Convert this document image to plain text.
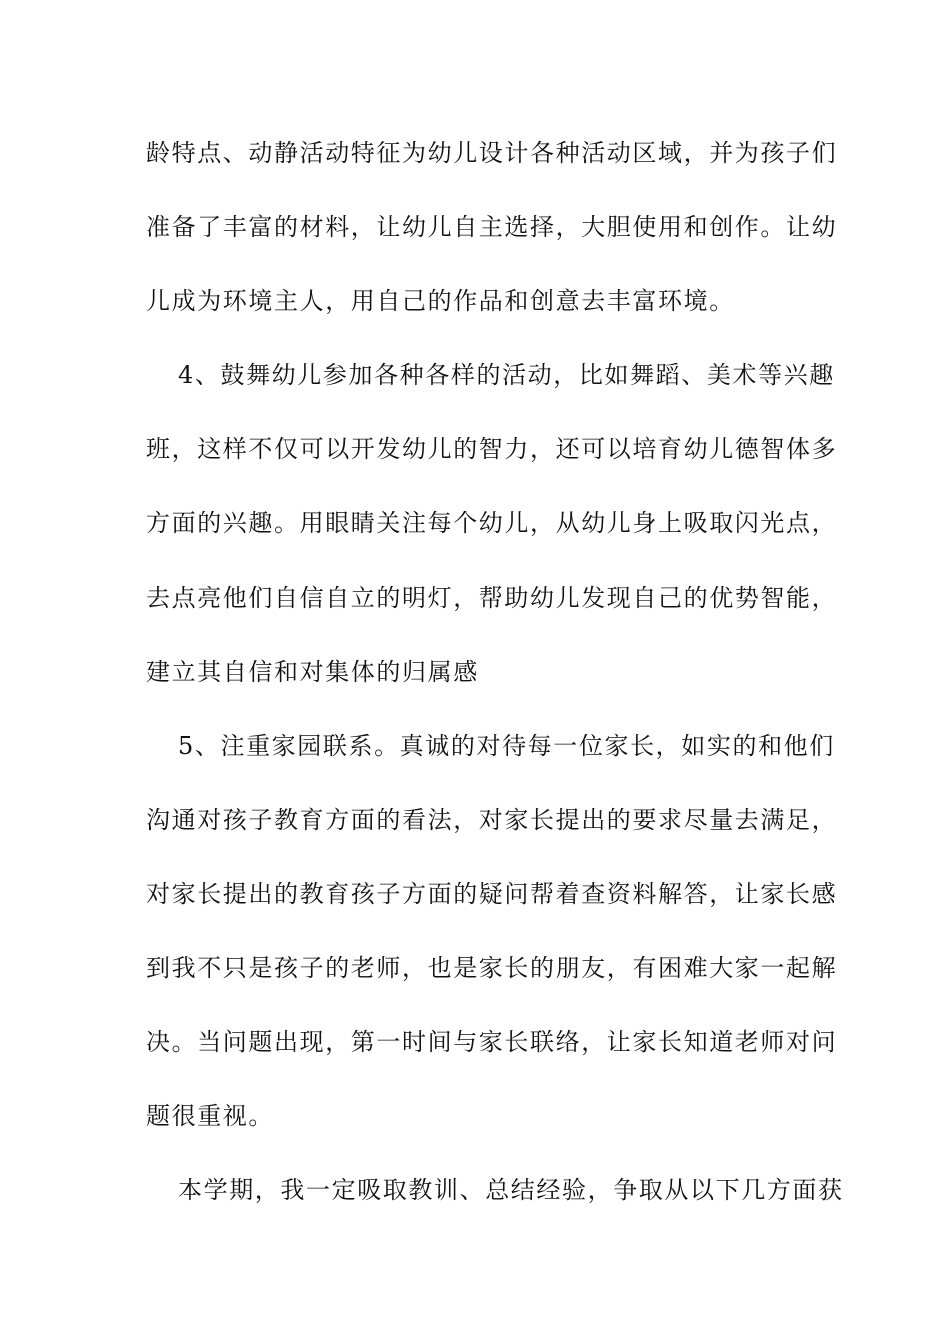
龄特点、动静活动特征为幼儿设计各种活动区域，并为孩子们
准备了丰富的材料，让幼儿自主选择，大胆使用和创作。让幼
儿成为环境主人，用自己的作品和创意去丰富环境。
4、鼓舞幼儿参加各种各样的活动，比如舞蹈、美术等兴趣
班，这样不仅可以开发幼儿的智力，还可以培育幼儿德智体多
方面的兴趣。用眼睛关注每个幼儿，从幼儿身上吸取闪光点，
去点亮他们自信自立的明灯，帮助幼儿发现自己的优势智能，
建立其自信和对集体的归属感
5、注重家园联系。真诚的对待每一位家长，如实的和他们
沟通对孩子教育方面的看法，对家长提出的要求尽量去满足，
对家长提出的教育孩子方面的疑问帮着查资料解答，让家长感
到我不只是孩子的老师，也是家长的朋友，有困难大家一起解
决。当问题出现，第一时间与家长联络，让家长知道老师对问
题很重视。
本学期，我一定吸取教训、总结经验，争取从以下几方面获
